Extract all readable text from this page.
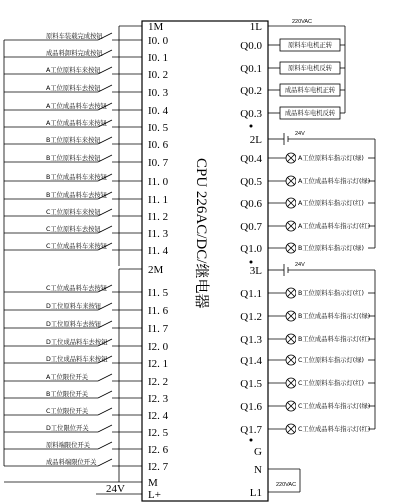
CPU 226AC/DC/继电器
1M
I0. 0
I0. 1
I0. 2
I0. 3
I0. 4
I0. 5
I0. 6
I0. 7
I1. 0
I1. 1
I1. 2
I1. 3
I1. 4
2M
I1. 5
I1. 6
I1. 7
I2. 0
I2. 1
I2. 2
I2. 3
I2. 4
I2. 5
I2. 6
I2. 7
M
L+
原料车装载完成按钮
成品料卸料完成按钮
A工位原料车来按钮
A工位原料车去按钮
A工位成品料车去按钮
A工位成品料车来按钮
B工位原料车来按钮
B工位原料车去按钮
B工位成品料车来按钮
B工位成品料车去按钮
C工位原料车来按钮
C工位原料车去按钮
C工位成品料车来按钮
C工位成品料车去按钮
D工位原料车来按钮
D工位原料车去按钮
D工位成品料车去按钮
D工位成品料车来按钮
A工位限位开关
B工位限位开关
C工位限位开关
D工位限位开关
原料端限位开关
成品料端限位开关
24V
1L
Q0.0
Q0.1
Q0.2
Q0.3
2L
Q0.4
Q0.5
Q0.6
Q0.7
Q1.0
3L
Q1.1
Q1.2
Q1.3
Q1.4
Q1.5
Q1.6
Q1.7
G
N
L1
220VAC
原料车电机正转
原料车电机反转
成品料车电机正转
成品料车电机反转
A工位原料车指示灯(绿)
A工位成品料车指示灯(绿)
A工位原料车指示灯(红)
A工位成品料车指示灯(红)
B工位原料车指示灯(绿)
B工位原料车指示灯(红)
B工位成品料车指示灯(绿)
B工位成品料车指示灯(红)
C工位原料车指示灯(绿)
C工位原料车指示灯(红)
C工位成品料车指示灯(绿)
C工位成品料车指示灯(红)
24V
24V
220VAC
